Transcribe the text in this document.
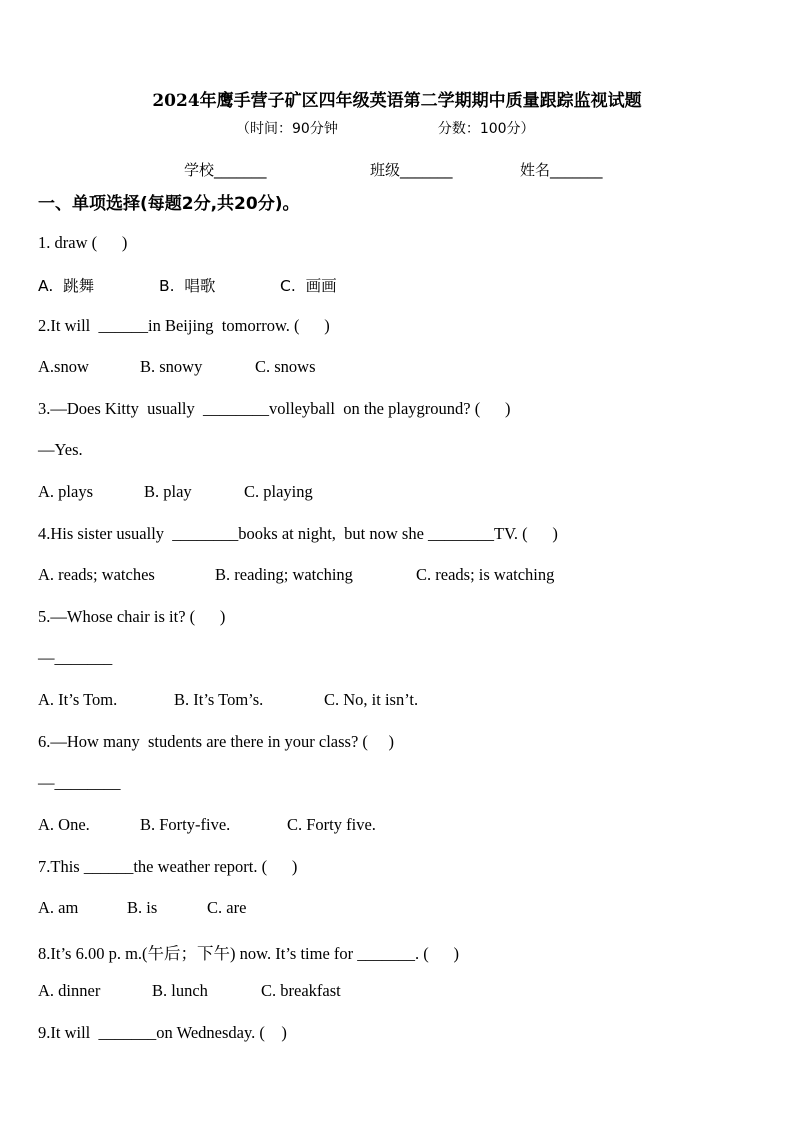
2024年鹰手营子矿区四年级英语第二学期期中质量跟踪监视试题
（时间：90分钟	分数：100分）
学校_______	班级_______	姓名_______
一、单项选择(每题2分,共20分)。
1. draw (      )
A.  跳舞	B.  唱歌	C.  画画
2.It will  ______in Beijing  tomorrow. (      )
A.snow	B. snowy	C. snows
3.—Does Kitty  usually  ________volleyball  on the playground? (      )
—Yes.
A. plays	B. play	C. playing
4.His sister usually  ________books at night,  but now she ________TV. (      )
A. reads; watches	B. reading; watching	C. reads; is watching
5.—Whose chair is it? (      )
—_______
A. It’s Tom.	B. It’s Tom’s.	C. No, it isn’t.
6.—How many  students are there in your class? (     )
—________
A. One.	B. Forty-five.	C. Forty five.
7.This ______the weather report. (      )
A. am	B. is	C. are
8.It’s 6.00 p. m.(午后；下午) now. It’s time for _______. (      )
A. dinner	B. lunch	C. breakfast
9.It will  _______on Wednesday. (    )
